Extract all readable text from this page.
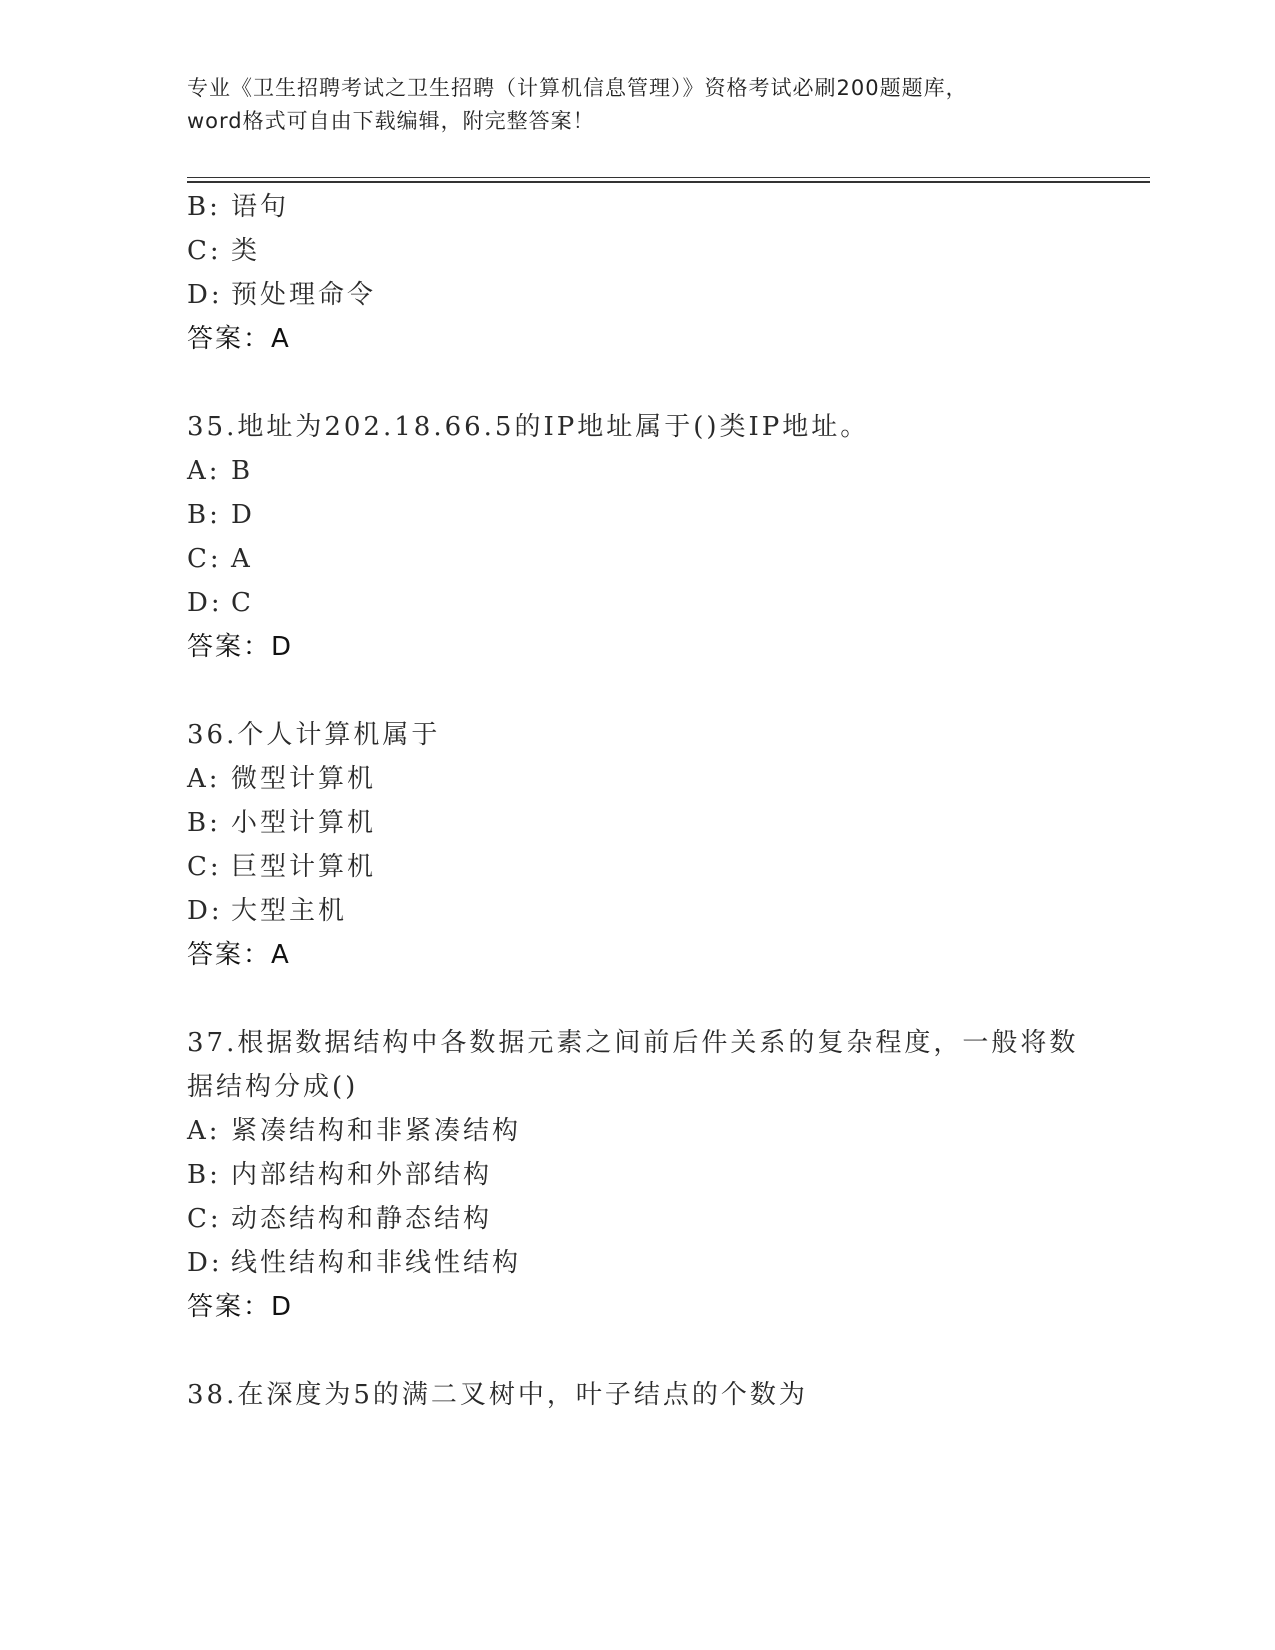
专业《卫生招聘考试之卫生招聘（计算机信息管理）》资格考试必刷200题题库，
word格式可自由下载编辑，附完整答案！
B: 语句
C: 类
D: 预处理命令
答案：A
35.地址为202.18.66.5的IP地址属于()类IP地址。
A: B
B: D
C: A
D: C
答案：D
36.个人计算机属于
A: 微型计算机
B: 小型计算机
C: 巨型计算机
D: 大型主机
答案：A
37.根据数据结构中各数据元素之间前后件关系的复杂程度，一般将数
据结构分成()
A: 紧凑结构和非紧凑结构
B: 内部结构和外部结构
C: 动态结构和静态结构
D: 线性结构和非线性结构
答案：D
38.在深度为5的满二叉树中，叶子结点的个数为
